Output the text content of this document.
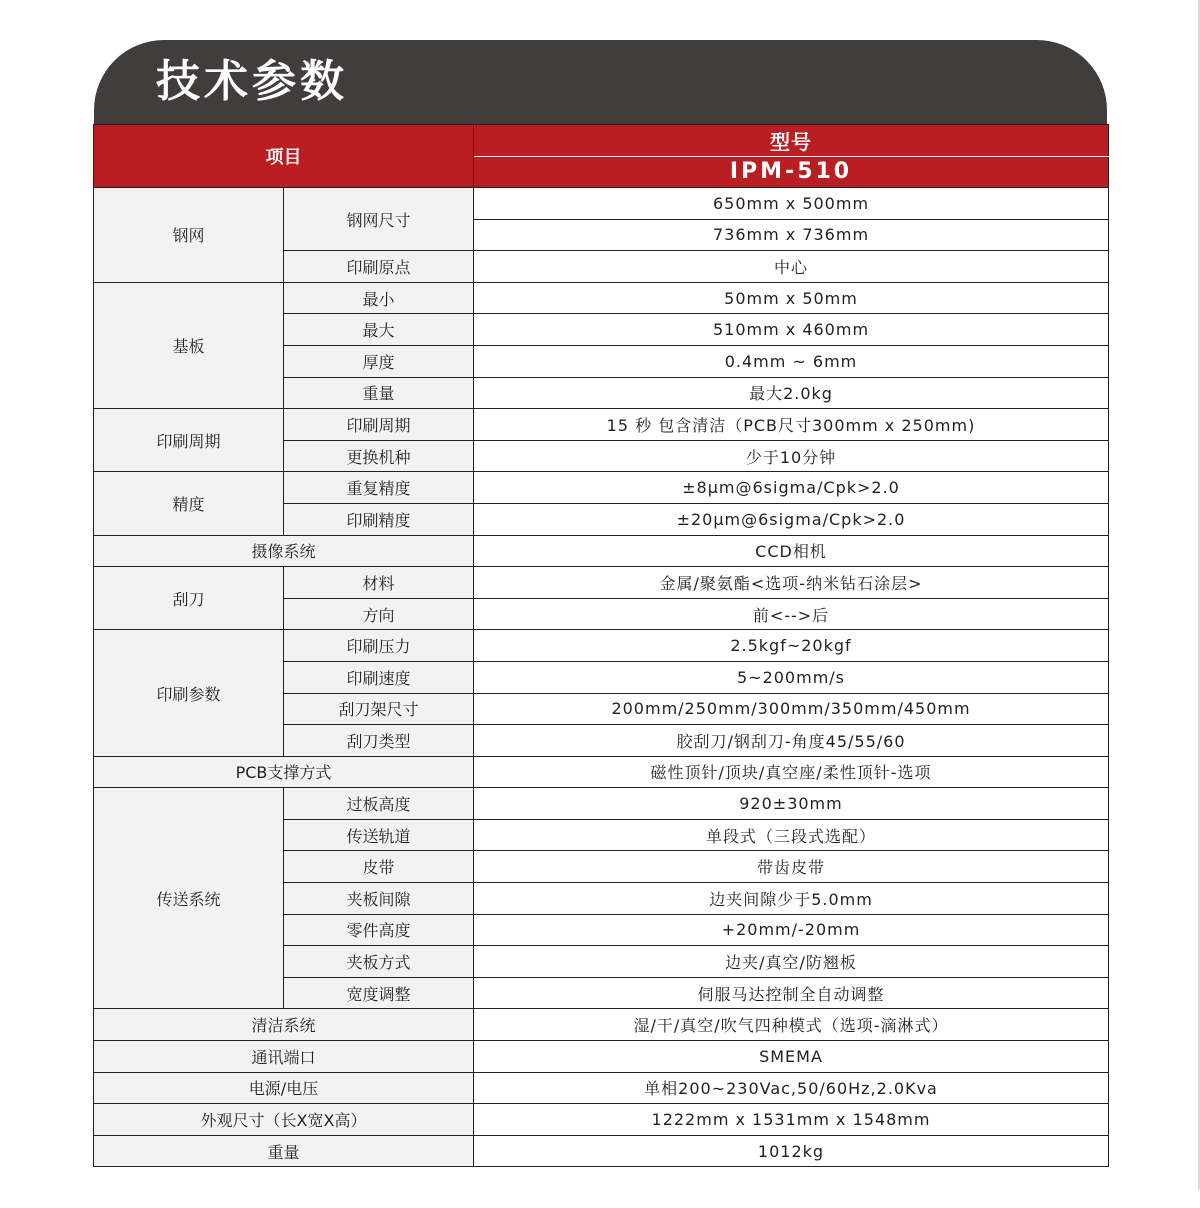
技术参数
项目		型号
		IPM-510
钢网	钢网尺寸	650mm x 500mm
		736mm x 736mm
	印刷原点	中心
基板	最小	50mm x 50mm
	最大	510mm x 460mm
	厚度	0.4mm ~ 6mm
	重量	最大2.0kg
印刷周期	印刷周期	15 秒 包含清洁（PCB尺寸300mm x 250mm)
	更换机种	少于10分钟
精度	重复精度	±8μm@6sigma/Cpk>2.0
	印刷精度	±20μm@6sigma/Cpk>2.0
摄像系统		CCD相机
刮刀	材料	金属/聚氨酯<选项-纳米钻石涂层>
	方向	前<-->后
印刷参数	印刷压力	2.5kgf~20kgf
	印刷速度	5~200mm/s
	刮刀架尺寸	200mm/250mm/300mm/350mm/450mm
	刮刀类型	胶刮刀/钢刮刀-角度45/55/60
PCB支撑方式		磁性顶针/顶块/真空座/柔性顶针-选项
传送系统	过板高度	920±30mm
	传送轨道	单段式（三段式选配）
	皮带	带齿皮带
	夹板间隙	边夹间隙少于5.0mm
	零件高度	+20mm/-20mm
	夹板方式	边夹/真空/防翘板
	宽度调整	伺服马达控制全自动调整
清洁系统		湿/干/真空/吹气四种模式（选项-滴淋式）
通讯端口		SMEMA
电源/电压		单相200~230Vac,50/60Hz,2.0Kva
外观尺寸（长X宽X高）		1222mm x 1531mm x 1548mm
重量		1012kg
